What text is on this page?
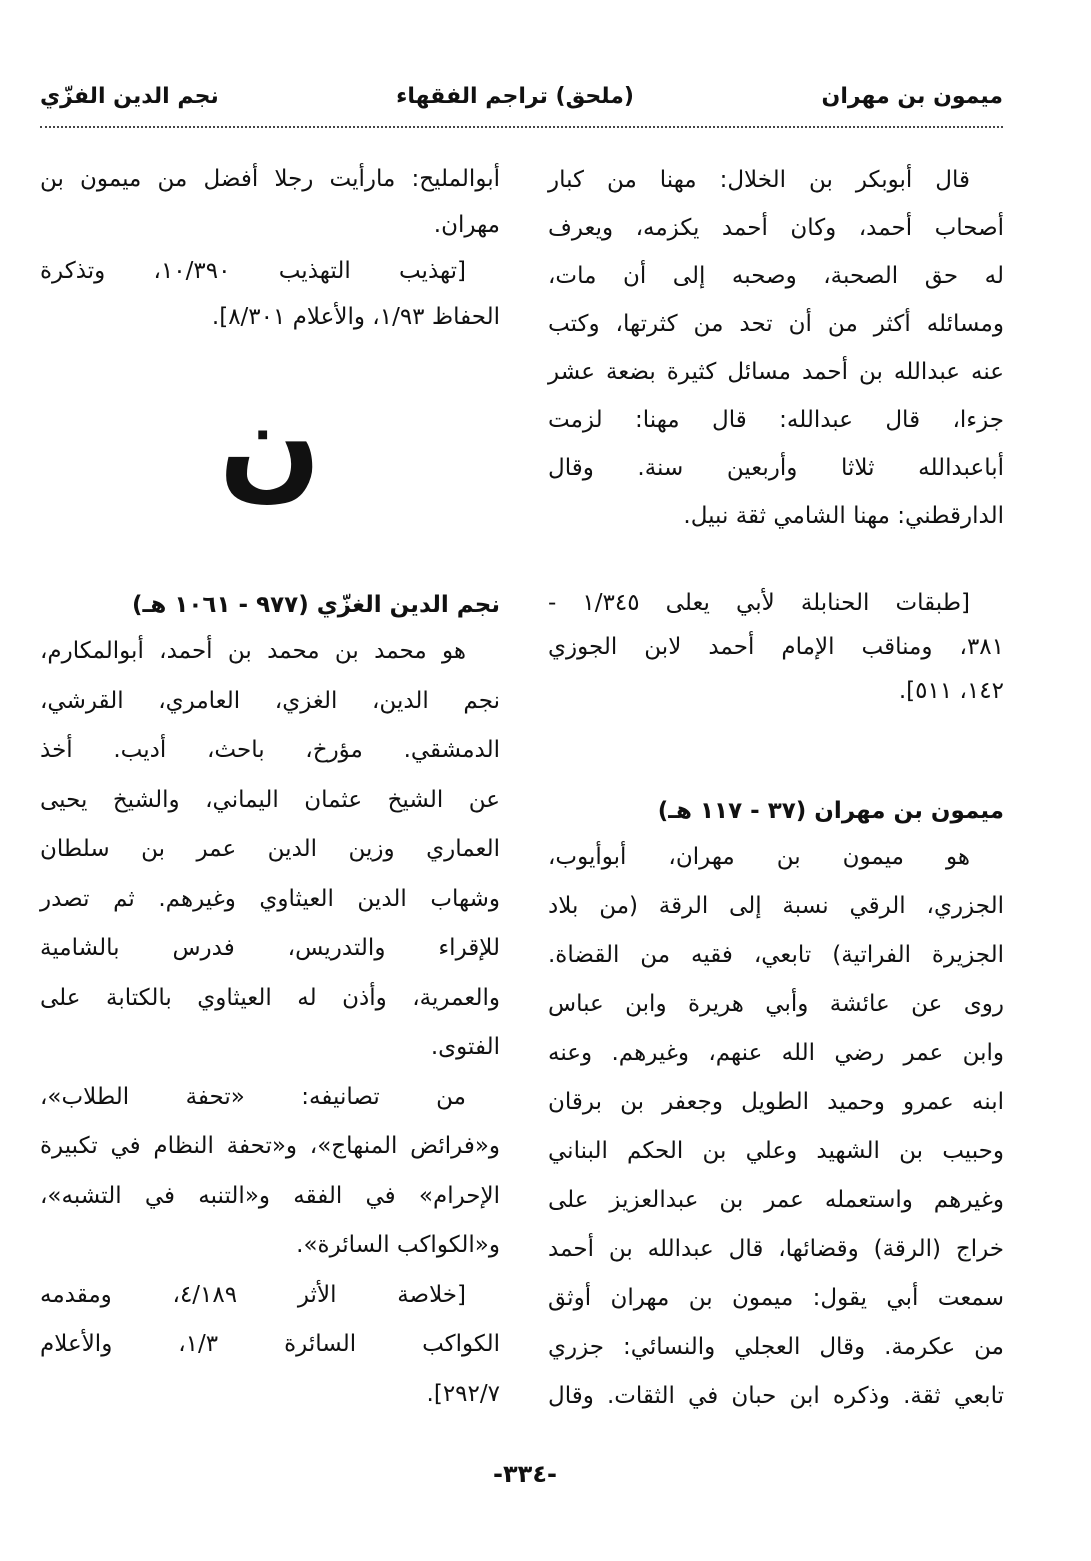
ميمون بن مهران
(ملحق) تراجم الفقهاء
نجم الدين الفزّي
قال أبوبكر بن الخلال: مهنا من كبار
أصحاب أحمد، وكان أحمد يكزمه، ويعرف
له حق الصحبة، وصحبه إلى أن مات،
ومسائله أكثر من أن تحد من كثرتها، وكتب
عنه عبدالله بن أحمد مسائل كثيرة بضعة عشر
جزءا، قال عبدالله: قال مهنا: لزمت
أباعبدالله ثلاثا وأربعين سنة. وقال
الدارقطني: مهنا الشامي ثقة نبيل.
[طبقات الحنابلة لأبي يعلى ١/٣٤٥ -
٣٨١، ومناقب الإمام أحمد لابن الجوزي
١٤٢، ٥١١].
ميمون بن مهران (٣٧ - ١١٧ هـ)
هو ميمون بن مهران، أبوأيوب،
الجزري، الرقي نسبة إلى الرقة (من بلاد
الجزيرة الفراتية) تابعي، فقيه من القضاة.
روى عن عائشة وأبي هريرة وابن عباس
وابن عمر رضي الله عنهم، وغيرهم. وعنه
ابنه عمرو وحميد الطويل وجعفر بن برقان
وحبيب بن الشهيد وعلي بن الحكم البناني
وغيرهم واستعمله عمر بن عبدالعزيز على
خراج (الرقة) وقضائها، قال عبدالله بن أحمد
سمعت أبي يقول: ميمون بن مهران أوثق
من عكرمة. وقال العجلي والنسائي: جزري
تابعي ثقة. وذكره ابن حبان في الثقات. وقال
أبوالمليح: مارأيت رجلا أفضل من ميمون بن
مهران.
[تهذيب التهذيب ١٠/٣٩٠، وتذكرة
الحفاظ ١/٩٣، والأعلام ٨/٣٠١].
ن
نجم الدين الغزّي (٩٧٧ - ١٠٦١ هـ)
هو محمد بن محمد بن أحمد، أبوالمكارم،
نجم الدين، الغزي، العامري، القرشي،
الدمشقي. مؤرخ، باحث، أديب. أخذ
عن الشيخ عثمان اليماني، والشيخ يحيى
العماري وزين الدين عمر بن سلطان
وشهاب الدين العيثاوي وغيرهم. ثم تصدر
للإقراء والتدريس، فدرس بالشامية
والعمرية، وأذن له العيثاوي بالكتابة على
الفتوى.
من تصانيفه: «تحفة الطلاب»،
و«فرائض المنهاج»، و«تحفة النظام في تكبيرة
الإحرام» في الفقه و«التنبه في التشبه»،
و«الكواكب السائرة».
[خلاصة الأثر ٤/١٨٩، ومقدمه
الكواكب السائرة ١/٣، والأعلام
٢٩٢/٧].
-٣٣٤-
